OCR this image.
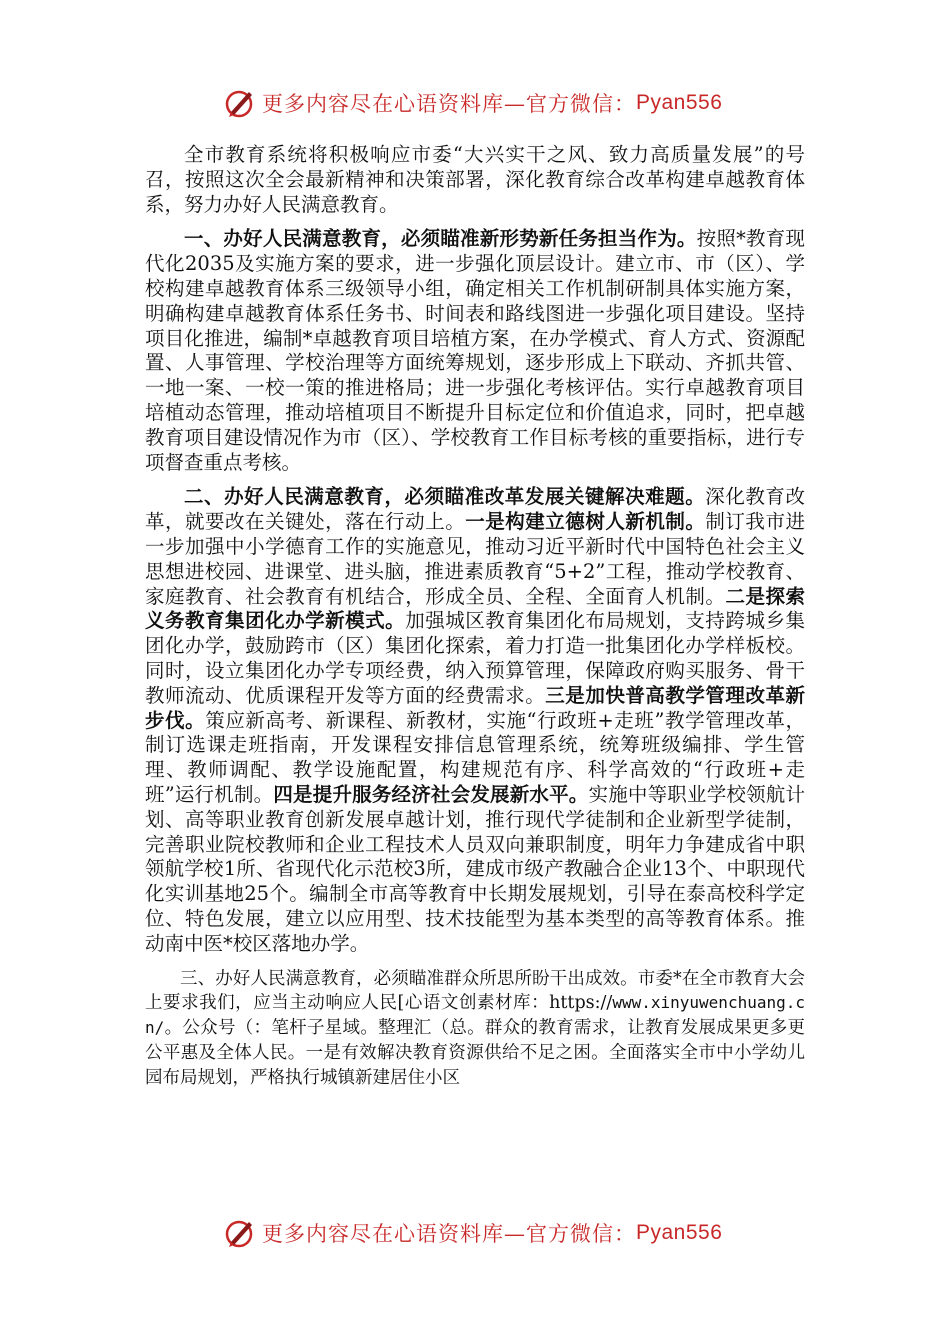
更多内容尽在心语资料库—官方微信： Pyan556

全市教育系统将积极响应市委“大兴实干之风、致力高质量发展”的号召，按照这次全会最新精神和决策部署，深化教育综合改革构建卓越教育体系，努力办好人民满意教育。

一、办好人民满意教育，必须瞄准新形势新任务担当作为。按照*教育现代化2035及实施方案的要求，进一步强化顶层设计。建立市、市（区）、学校构建卓越教育体系三级领导小组，确定相关工作机制研制具体实施方案，明确构建卓越教育体系任务书、时间表和路线图进一步强化项目建设。坚持项目化推进，编制*卓越教育项目培植方案，在办学模式、育人方式、资源配置、人事管理、学校治理等方面统筹规划，逐步形成上下联动、齐抓共管、一地一案、一校一策的推进格局；进一步强化考核评估。实行卓越教育项目培植动态管理，推动培植项目不断提升目标定位和价值追求，同时，把卓越教育项目建设情况作为市（区）、学校教育工作目标考核的重要指标，进行专项督查重点考核。

二、办好人民满意教育，必须瞄准改革发展关键解决难题。深化教育改革，就要改在关键处，落在行动上。一是构建立德树人新机制。制订我市进一步加强中小学德育工作的实施意见，推动习近平新时代中国特色社会主义思想进校园、进课堂、进头脑，推进素质教育“5+2”工程，推动学校教育、家庭教育、社会教育有机结合，形成全员、全程、全面育人机制。二是探索义务教育集团化办学新模式。加强城区教育集团化布局规划，支持跨城乡集团化办学，鼓励跨市（区）集团化探索，着力打造一批集团化办学样板校。同时，设立集团化办学专项经费，纳入预算管理，保障政府购买服务、骨干教师流动、优质课程开发等方面的经费需求。三是加快普高教学管理改革新步伐。策应新高考、新课程、新教材，实施“行政班+走班”教学管理改革，制订选课走班指南，开发课程安排信息管理系统，统筹班级编排、学生管理、教师调配、教学设施配置，构建规范有序、科学高效的“行政班+走班”运行机制。四是提升服务经济社会发展新水平。实施中等职业学校领航计划、高等职业教育创新发展卓越计划，推行现代学徒制和企业新型学徒制，完善职业院校教师和企业工程技术人员双向兼职制度，明年力争建成省中职领航学校1所、省现代化示范校3所，建成市级产教融合企业13个、中职现代化实训基地25个。编制全市高等教育中长期发展规划，引导在泰高校科学定位、特色发展，建立以应用型、技术技能型为基本类型的高等教育体系。推动南中医*校区落地办学。

三、办好人民满意教育，必须瞄准群众所思所盼干出成效。市委*在全市教育大会上要求我们，应当主动响应人民[心语文创素材库：https://www.xinyuwenchuang.cn/。公众号（：笔杆子星域。整理汇（总。群众的教育需求，让教育发展成果更多更公平惠及全体人民。一是有效解决教育资源供给不足之困。全面落实全市中小学幼儿园布局规划，严格执行城镇新建居住小区

更多内容尽在心语资料库—官方微信： Pyan556
